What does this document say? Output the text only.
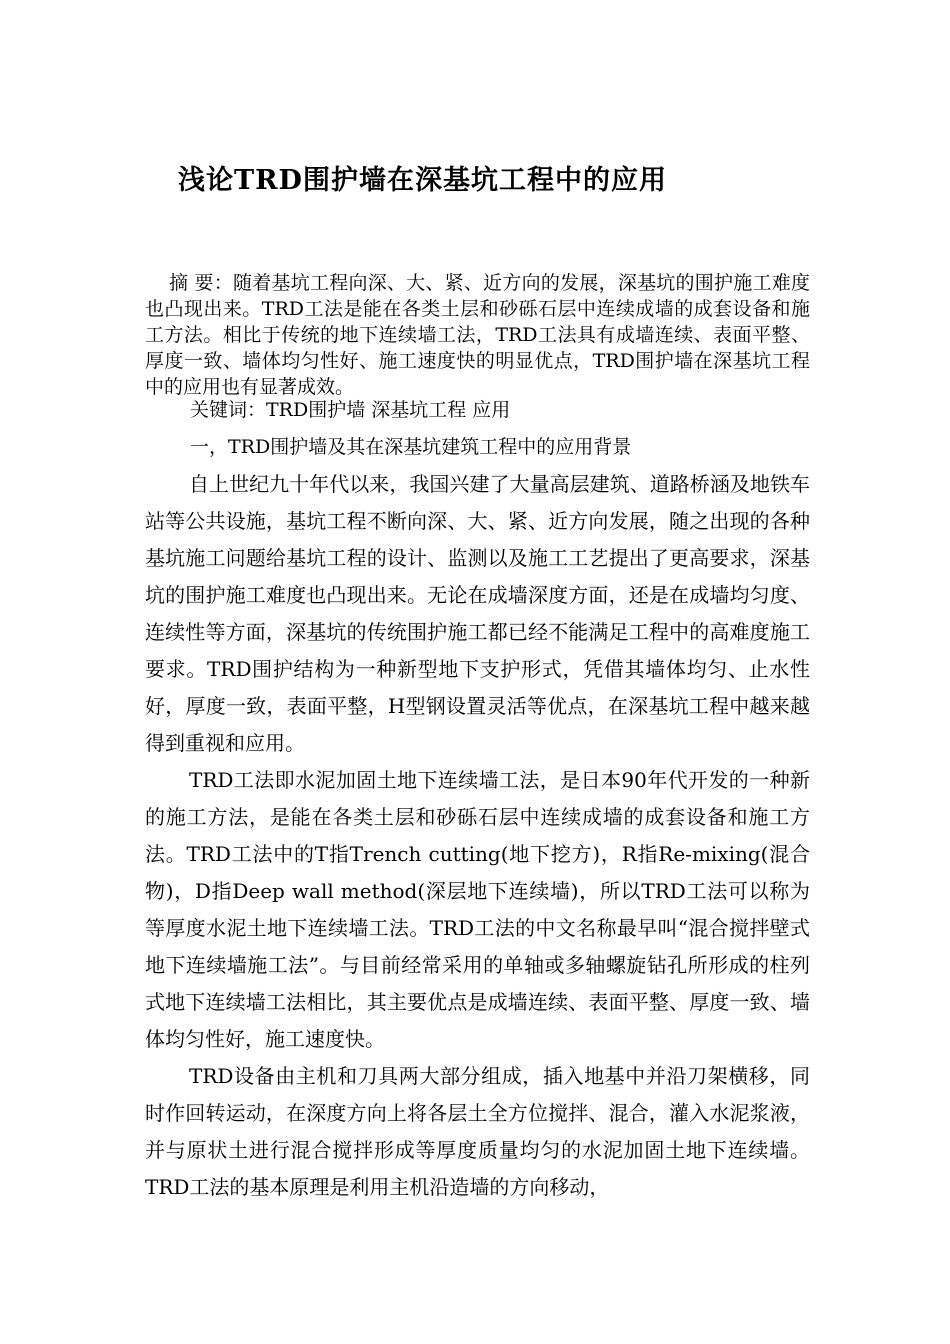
浅论TRD围护墙在深基坑工程中的应用
摘 要：随着基坑工程向深、大、紧、近方向的发展，深基坑的围护施工难度也凸现出来。TRD工法是能在各类土层和砂砾石层中连续成墙的成套设备和施工方法。相比于传统的地下连续墙工法，TRD工法具有成墙连续、表面平整、厚度一致、墙体均匀性好、施工速度快的明显优点，TRD围护墙在深基坑工程中的应用也有显著成效。
关键词：TRD围护墙 深基坑工程 应用
一，TRD围护墙及其在深基坑建筑工程中的应用背景

自上世纪九十年代以来，我国兴建了大量高层建筑、道路桥涵及地铁车站等公共设施，基坑工程不断向深、大、紧、近方向发展，随之出现的各种基坑施工问题给基坑工程的设计、监测以及施工工艺提出了更高要求，深基坑的围护施工难度也凸现出来。无论在成墙深度方面，还是在成墙均匀度、连续性等方面，深基坑的传统围护施工都已经不能满足工程中的高难度施工要求。TRD围护结构为一种新型地下支护形式，凭借其墙体均匀、止水性好，厚度一致，表面平整，H型钢设置灵活等优点，在深基坑工程中越来越得到重视和应用。

TRD工法即水泥加固土地下连续墙工法，是日本90年代开发的一种新的施工方法，是能在各类土层和砂砾石层中连续成墙的成套设备和施工方法。TRD工法中的T指Trench cutting(地下挖方)，R指Re-mixing(混合物)，D指Deep wall method(深层地下连续墙)，所以TRD工法可以称为等厚度水泥土地下连续墙工法。TRD工法的中文名称最早叫“混合搅拌壁式地下连续墙施工法”。与目前经常采用的单轴或多轴螺旋钻孔所形成的柱列式地下连续墙工法相比，其主要优点是成墙连续、表面平整、厚度一致、墙体均匀性好，施工速度快。

TRD设备由主机和刀具两大部分组成，插入地基中并沿刀架横移，同时作回转运动，在深度方向上将各层土全方位搅拌、混合，灌入水泥浆液，并与原状土进行混合搅拌形成等厚度质量均匀的水泥加固土地下连续墙。TRD工法的基本原理是利用主机沿造墙的方向移动，
